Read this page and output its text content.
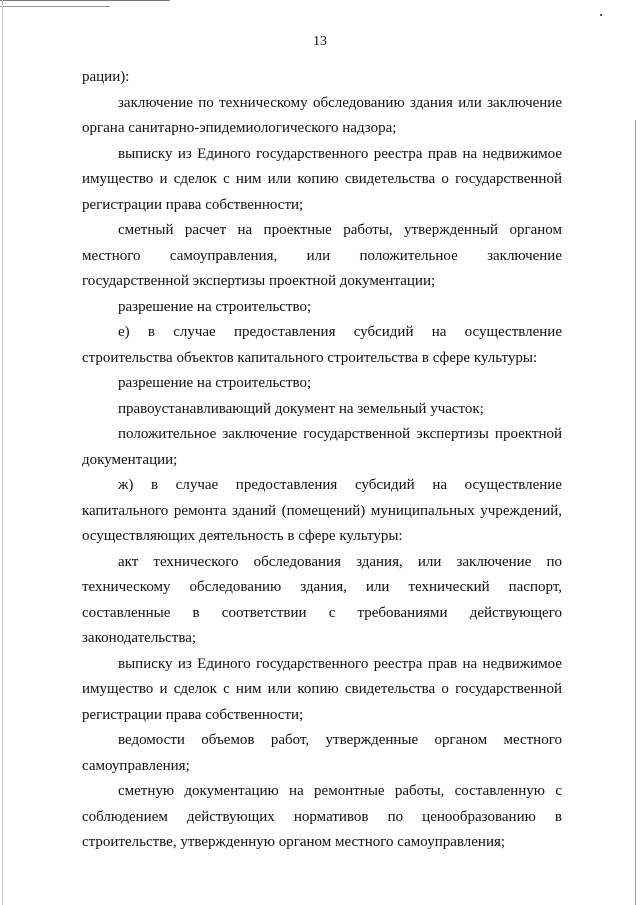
13

рации):

заключение по техническому обследованию здания или заключение органа санитарно-эпидемиологического надзора;

выписку из Единого государственного реестра прав на недвижимое имущество и сделок с ним или копию свидетельства о государственной регистрации права собственности;

сметный расчет на проектные работы, утвержденный органом местного самоуправления, или положительное заключение государственной экспертизы проектной документации;

разрешение на строительство;

е) в случае предоставления субсидий на осуществление строительства объектов капитального строительства в сфере культуры:

разрешение на строительство;

правоустанавливающий документ на земельный участок;

положительное заключение государственной экспертизы проектной документации;

ж) в случае предоставления субсидий на осуществление капитального ремонта зданий (помещений) муниципальных учреждений, осуществляющих деятельность в сфере культуры:

акт технического обследования здания, или заключение по техническому обследованию здания, или технический паспорт, составленные в соответствии с требованиями действующего законодательства;

выписку из Единого государственного реестра прав на недвижимое имущество и сделок с ним или копию свидетельства о государственной регистрации права собственности;

ведомости объемов работ, утвержденные органом местного самоуправления;

сметную документацию на ремонтные работы, составленную с соблюдением действующих нормативов по ценообразованию в строительстве, утвержденную органом местного самоуправления;
